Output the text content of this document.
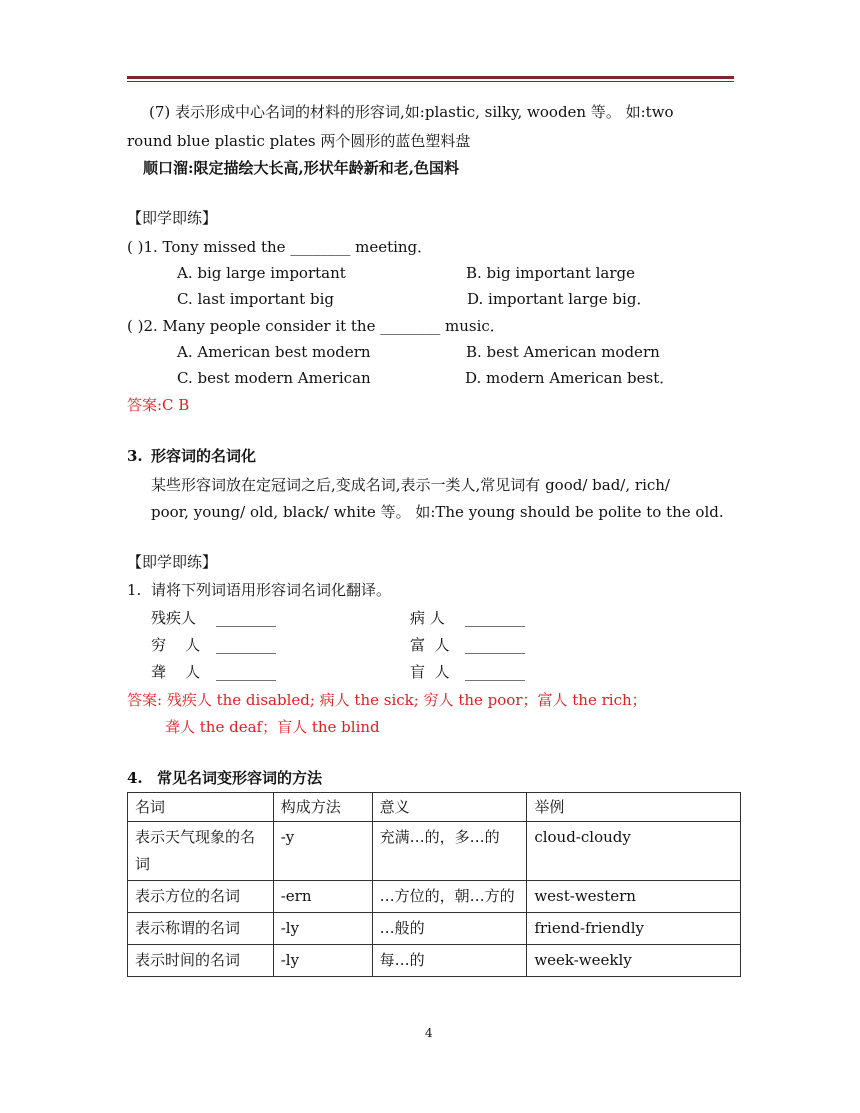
(7) 表示形成中心名词的材料的形容词,如:plastic, silky, wooden 等。 如:two
round blue plastic plates 两个圆形的蓝色塑料盘
顺口溜:限定描绘大长高,形状年龄新和老,色国料
【即学即练】
( )1. Tony missed the ________ meeting．
A. big large important	B. big important large
C. last important big	D. important large big．
( )2. Many people consider it the ________ music．
A. American best modern	B. best American modern
C. best modern American	D. modern American best．
答案:C B
3. 形容词的名词化
某些形容词放在定冠词之后,变成名词,表示一类人,常见词有 good/ bad/, rich/
poor, young/ old, black/ white 等。 如:The young should be polite to the old.
【即学即练】
1. 请将下列词语用形容词名词化翻译。
残疾人 ________	病 人 ________
穷    人 ________	富  人 ________
聋    人 ________	盲  人 ________
答案: 残疾人 the disabled; 病人 the sick; 穷人 the poor；富人 the rich；
聋人 the deaf；盲人 the blind
4. 常见名词变形容词的方法
名词	构成方法	意义	举例
表示天气现象的名词	-y	充满…的，多…的	cloud-cloudy
表示方位的名词	-ern	…方位的，朝…方的	west-western
表示称谓的名词	-ly	…般的	friend-friendly
表示时间的名词	-ly	每…的	week-weekly
4
